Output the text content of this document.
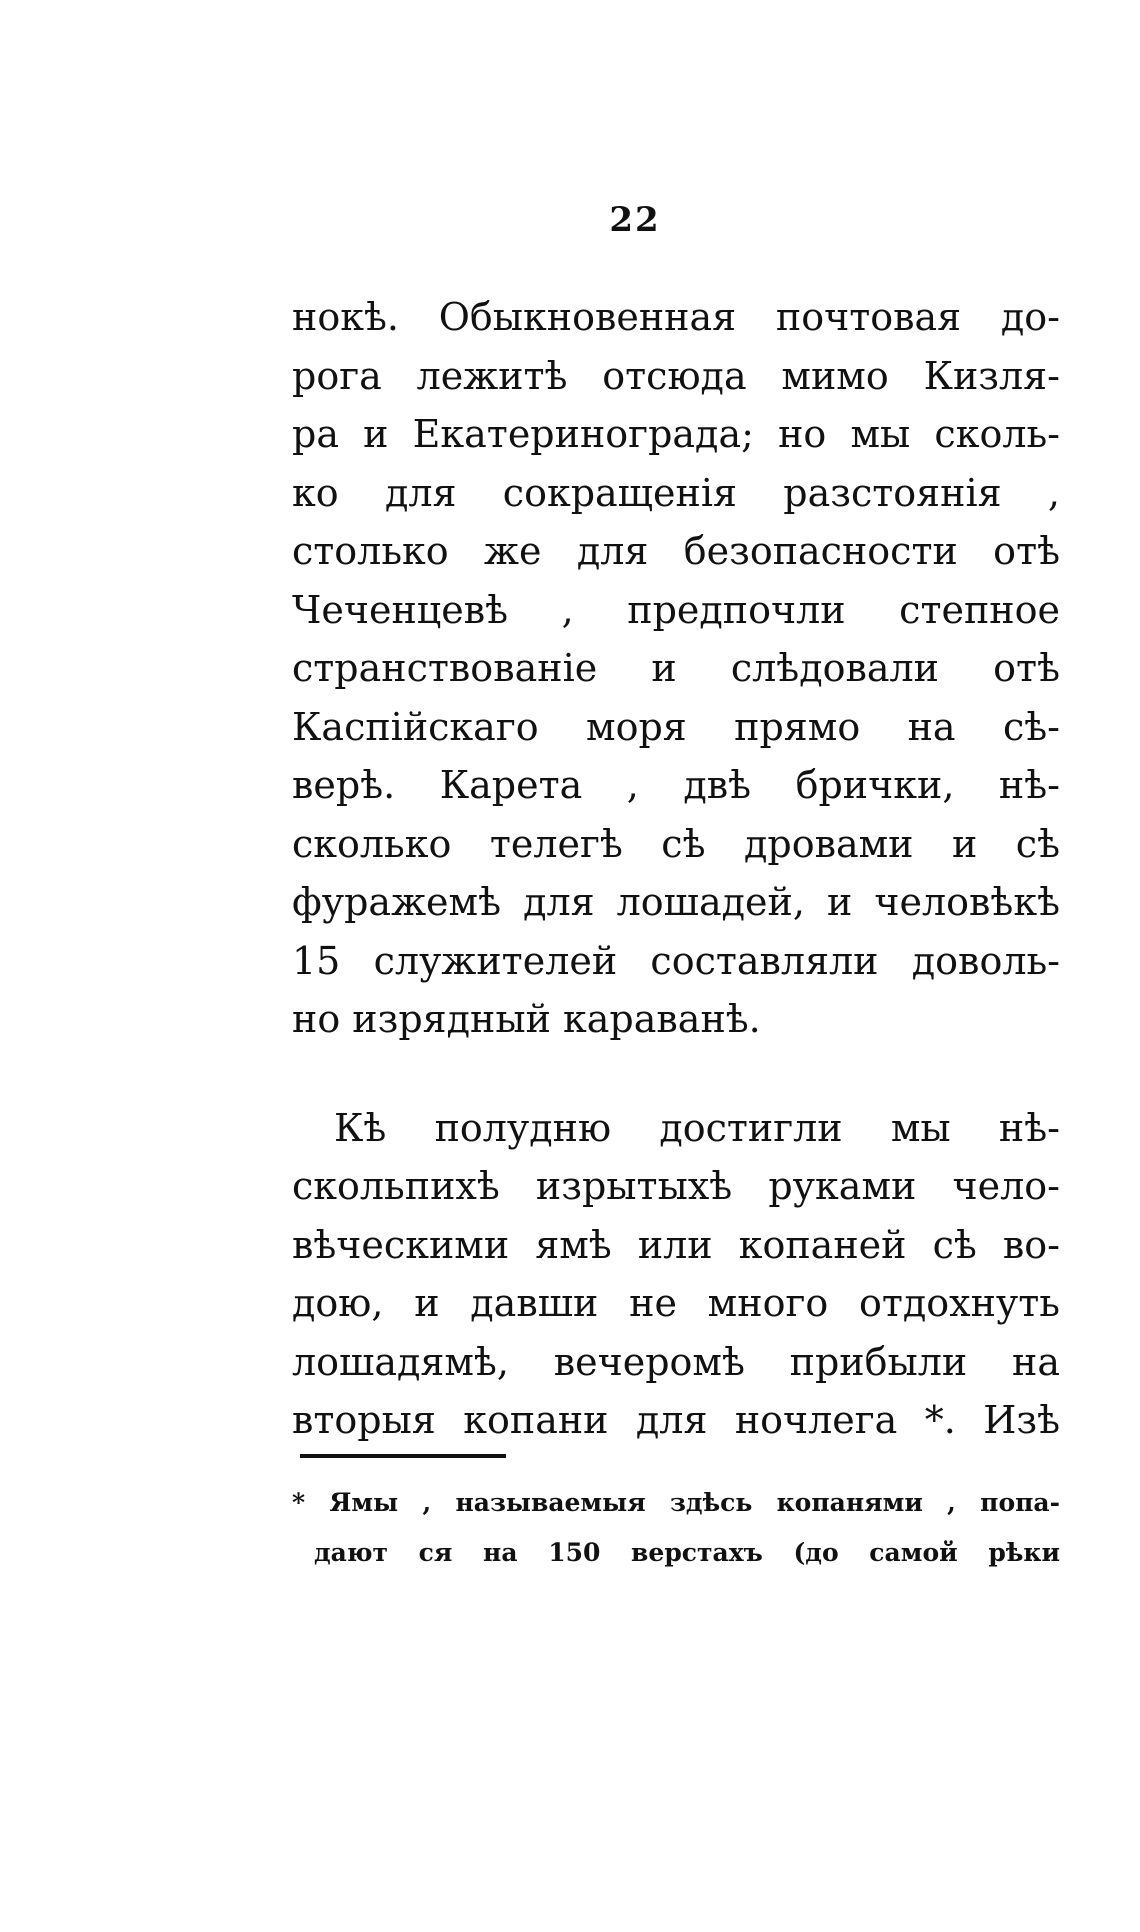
22
нокѣ. Обыкновенная почтовая до-
рога лежитѣ отсюда мимо Кизля-
ра и Екатеринограда; но мы сколь-
ко для сокращенія разстоянія ,
столько же для безопасности отѣ
Чеченцевѣ , предпочли степное
странствованіе и слѣдовали отѣ
Каспійскаго моря прямо на сѣ-
верѣ. Карета , двѣ брички, нѣ-
сколько телегѣ сѣ дровами и сѣ
фуражемѣ для лошадей, и человѣкѣ
15 служителей составляли доволь-
но изрядный караванѣ.
Кѣ полудню достигли мы нѣ-
скольпихѣ изрытыхѣ руками чело-
вѣческими ямѣ или копаней сѣ во-
дою, и давши не много отдохнуть
лошадямѣ, вечеромѣ прибыли на
вторыя копани для ночлега *. Изѣ
* Ямы , называемыя здѣсь копанями , попа-
дают ся на 150 верстахъ (до самой рѣки
